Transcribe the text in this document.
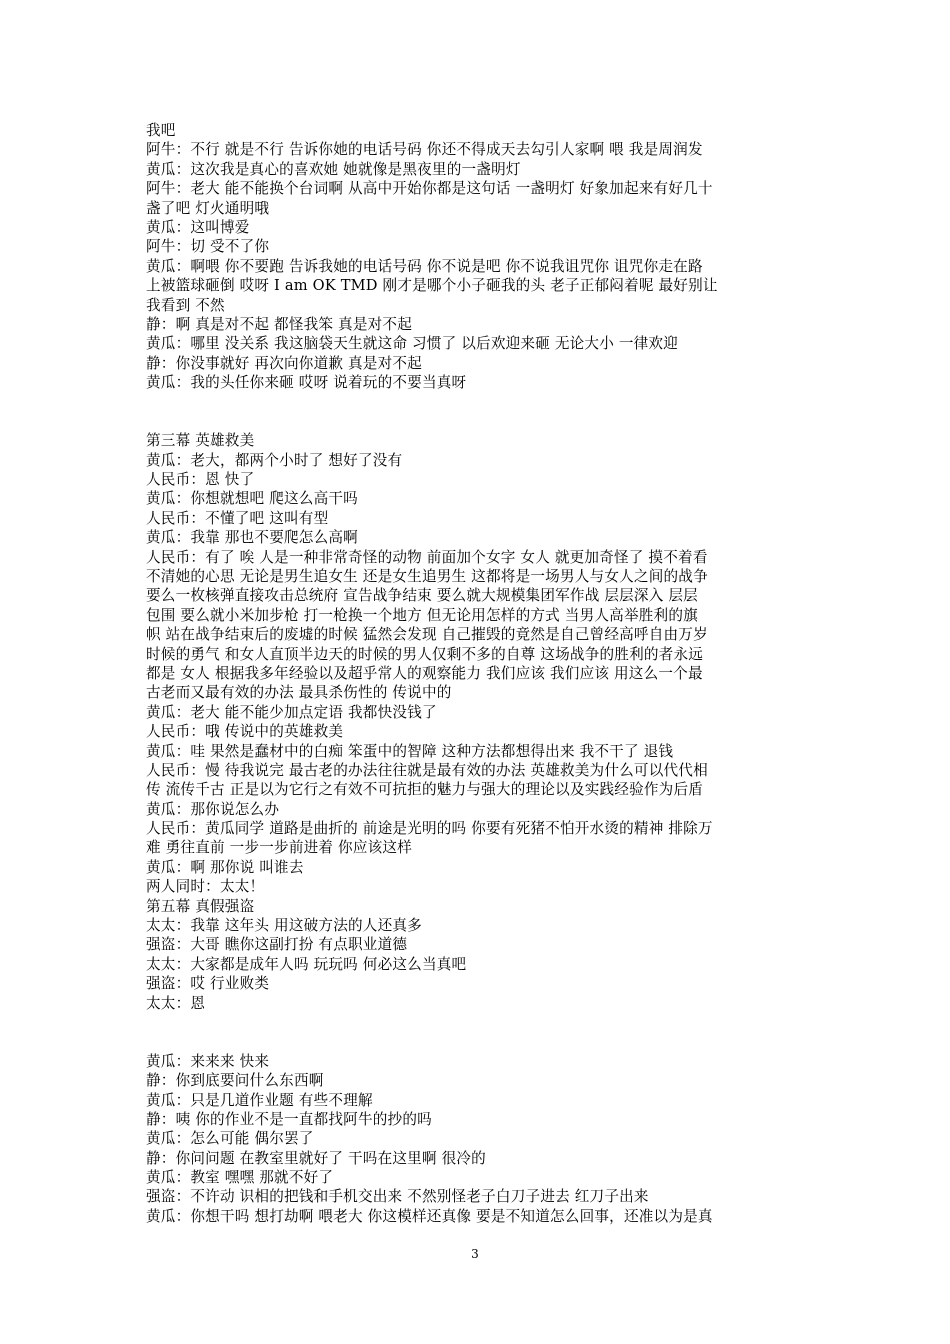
我吧
阿牛：不行 就是不行 告诉你她的电话号码 你还不得成天去勾引人家啊 喂 我是周润发
黄瓜：这次我是真心的喜欢她 她就像是黑夜里的一盏明灯
阿牛：老大 能不能换个台词啊 从高中开始你都是这句话 一盏明灯 好象加起来有好几十
盏了吧 灯火通明哦
黄瓜：这叫博爱
阿牛：切 受不了你
黄瓜：啊喂 你不要跑 告诉我她的电话号码 你不说是吧 你不说我诅咒你 诅咒你走在路
上被篮球砸倒 哎呀 I am OK TMD 刚才是哪个小子砸我的头 老子正郁闷着呢 最好别让
我看到 不然
静：啊 真是对不起 都怪我笨 真是对不起
黄瓜：哪里 没关系 我这脑袋天生就这命 习惯了 以后欢迎来砸 无论大小 一律欢迎
静：你没事就好 再次向你道歉 真是对不起
黄瓜：我的头任你来砸 哎呀 说着玩的不要当真呀
第三幕 英雄救美
黄瓜：老大，都两个小时了 想好了没有
人民币：恩 快了
黄瓜：你想就想吧 爬这么高干吗
人民币：不懂了吧 这叫有型
黄瓜：我靠 那也不要爬怎么高啊
人民币：有了 唉 人是一种非常奇怪的动物 前面加个女字 女人 就更加奇怪了 摸不着看
不清她的心思 无论是男生追女生 还是女生追男生 这都将是一场男人与女人之间的战争
要么一枚核弹直接攻击总统府 宣告战争结束 要么就大规模集团军作战 层层深入 层层
包围 要么就小米加步枪 打一枪换一个地方 但无论用怎样的方式 当男人高举胜利的旗
帜 站在战争结束后的废墟的时候 猛然会发现 自己摧毁的竟然是自己曾经高呼自由万岁
时候的勇气 和女人直顶半边天的时候的男人仅剩不多的自尊 这场战争的胜利的者永远
都是 女人 根据我多年经验以及超乎常人的观察能力 我们应该 我们应该 用这么一个最
古老而又最有效的办法 最具杀伤性的 传说中的
黄瓜：老大 能不能少加点定语 我都快没钱了
人民币：哦 传说中的英雄救美
黄瓜：哇 果然是蠢材中的白痴 笨蛋中的智障 这种方法都想得出来 我不干了 退钱
人民币：慢 待我说完 最古老的办法往往就是最有效的办法 英雄救美为什么可以代代相
传 流传千古 正是以为它行之有效不可抗拒的魅力与强大的理论以及实践经验作为后盾
黄瓜：那你说怎么办
人民币：黄瓜同学 道路是曲折的 前途是光明的吗 你要有死猪不怕开水烫的精神 排除万
难 勇往直前 一步一步前进着 你应该这样
黄瓜：啊 那你说 叫谁去
两人同时：太太！
第五幕 真假强盗
太太：我靠 这年头 用这破方法的人还真多
强盗：大哥 瞧你这副打扮 有点职业道德
太太：大家都是成年人吗 玩玩吗 何必这么当真吧
强盗：哎 行业败类
太太：恩
黄瓜：来来来 快来
静：你到底要问什么东西啊
黄瓜：只是几道作业题 有些不理解
静：咦 你的作业不是一直都找阿牛的抄的吗
黄瓜：怎么可能 偶尔罢了
静：你问问题 在教室里就好了 干吗在这里啊 很冷的
黄瓜：教室 嘿嘿 那就不好了
强盗：不许动 识相的把钱和手机交出来 不然别怪老子白刀子进去 红刀子出来
黄瓜：你想干吗 想打劫啊 喂老大 你这模样还真像 要是不知道怎么回事，还准以为是真
3
